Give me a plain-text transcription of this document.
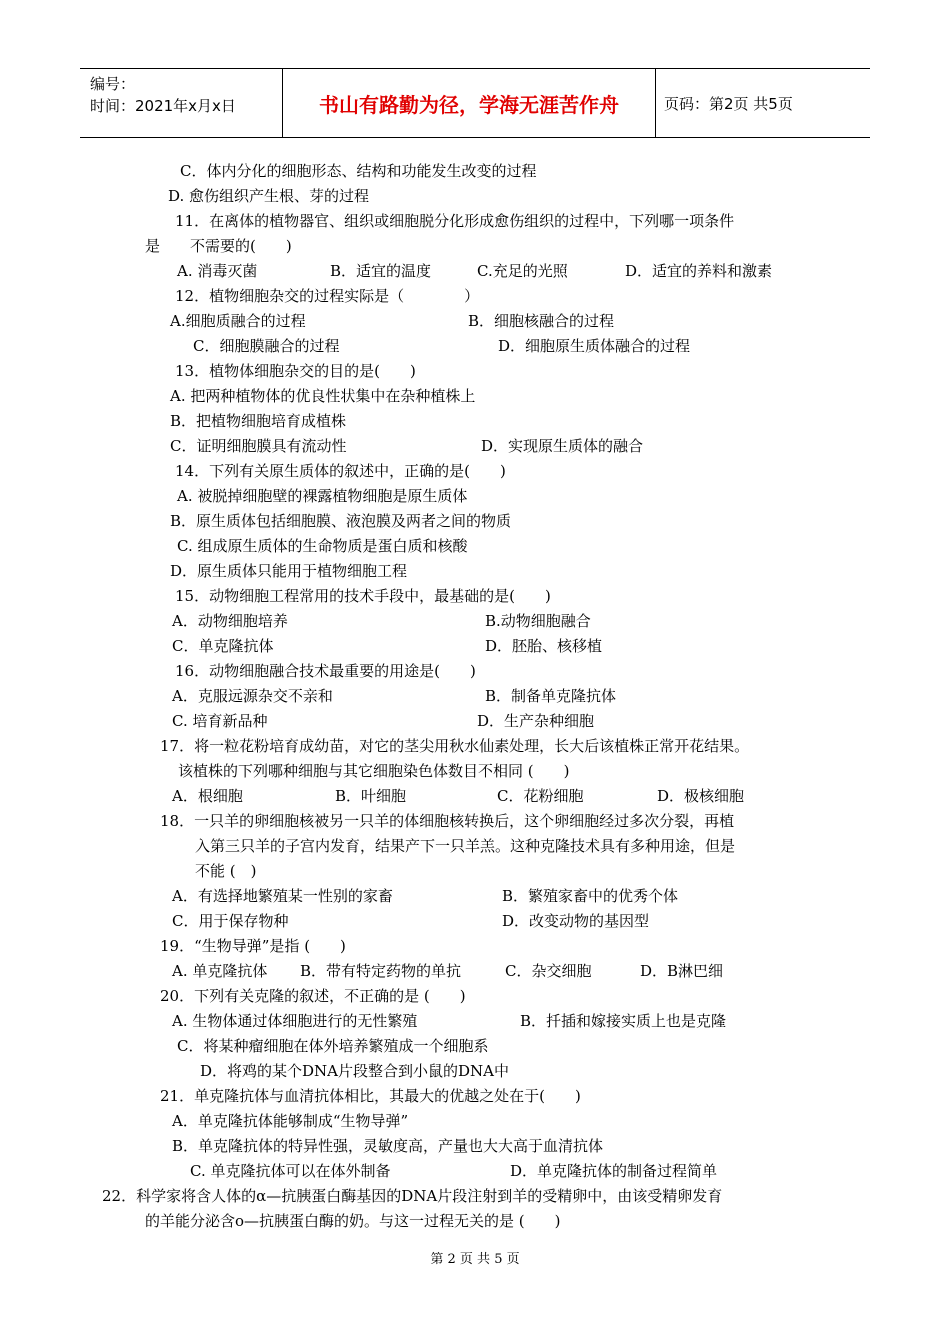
编号：
时间：2021年x月x日	书山有路勤为径，学海无涯苦作舟	页码：第2页 共5页
C．体内分化的细胞形态、结构和功能发生改变的过程
D. 愈伤组织产生根、芽的过程
11．在离体的植物器官、组织或细胞脱分化形成愈伤组织的过程中，下列哪一项条件
是　　不需要的(　　)
A. 消毒灭菌	B．适宜的温度	C.充足的光照	D．适宜的养料和激素
12．植物细胞杂交的过程实际是（　　　　）
A.细胞质融合的过程	B．细胞核融合的过程
C．细胞膜融合的过程	D．细胞原生质体融合的过程
13．植物体细胞杂交的目的是(　　)
A. 把两种植物体的优良性状集中在杂种植株上
B．把植物细胞培育成植株
C．证明细胞膜具有流动性	D．实现原生质体的融合
14．下列有关原生质体的叙述中，正确的是(　　)
A. 被脱掉细胞壁的裸露植物细胞是原生质体
B．原生质体包括细胞膜、液泡膜及两者之间的物质
C. 组成原生质体的生命物质是蛋白质和核酸
D．原生质体只能用于植物细胞工程
15．动物细胞工程常用的技术手段中，最基础的是(　　)
A．动物细胞培养	B.动物细胞融合
C．单克隆抗体	D．胚胎、核移植
16．动物细胞融合技术最重要的用途是(　　)
A．克服远源杂交不亲和	B．制备单克隆抗体
C. 培育新品种	D．生产杂种细胞
17．将一粒花粉培育成幼苗，对它的茎尖用秋水仙素处理，长大后该植株正常开花结果。
该植株的下列哪种细胞与其它细胞染色体数目不相同 (　　)
A．根细胞	B．叶细胞	C．花粉细胞	D．极核细胞
18．一只羊的卵细胞核被另一只羊的体细胞核转换后，这个卵细胞经过多次分裂，再植
入第三只羊的子宫内发育，结果产下一只羊羔。这种克隆技术具有多种用途，但是
不能 (　)
A．有选择地繁殖某一性别的家畜	B．繁殖家畜中的优秀个体
C．用于保存物种	D．改变动物的基因型
19．“生物导弹”是指 (　　)
A. 单克隆抗体 B．带有特定药物的单抗	C．杂交细胞	D．B淋巴细
20．下列有关克隆的叙述，不正确的是 (　　)
A. 生物体通过体细胞进行的无性繁殖	B．扦插和嫁接实质上也是克隆
C．将某种瘤细胞在体外培养繁殖成一个细胞系
D．将鸡的某个DNA片段整合到小鼠的DNA中
21．单克隆抗体与血清抗体相比，其最大的优越之处在于(　　)
A．单克隆抗体能够制成“生物导弹”
B．单克隆抗体的特异性强，灵敏度高，产量也大大高于血清抗体
C. 单克隆抗体可以在体外制备	D．单克隆抗体的制备过程简单
22．科学家将含人体的α—抗胰蛋白酶基因的DNA片段注射到羊的受精卵中，由该受精卵发育
的羊能分泌含o—抗胰蛋白酶的奶。与这一过程无关的是 (　　)
第 2 页 共 5 页
